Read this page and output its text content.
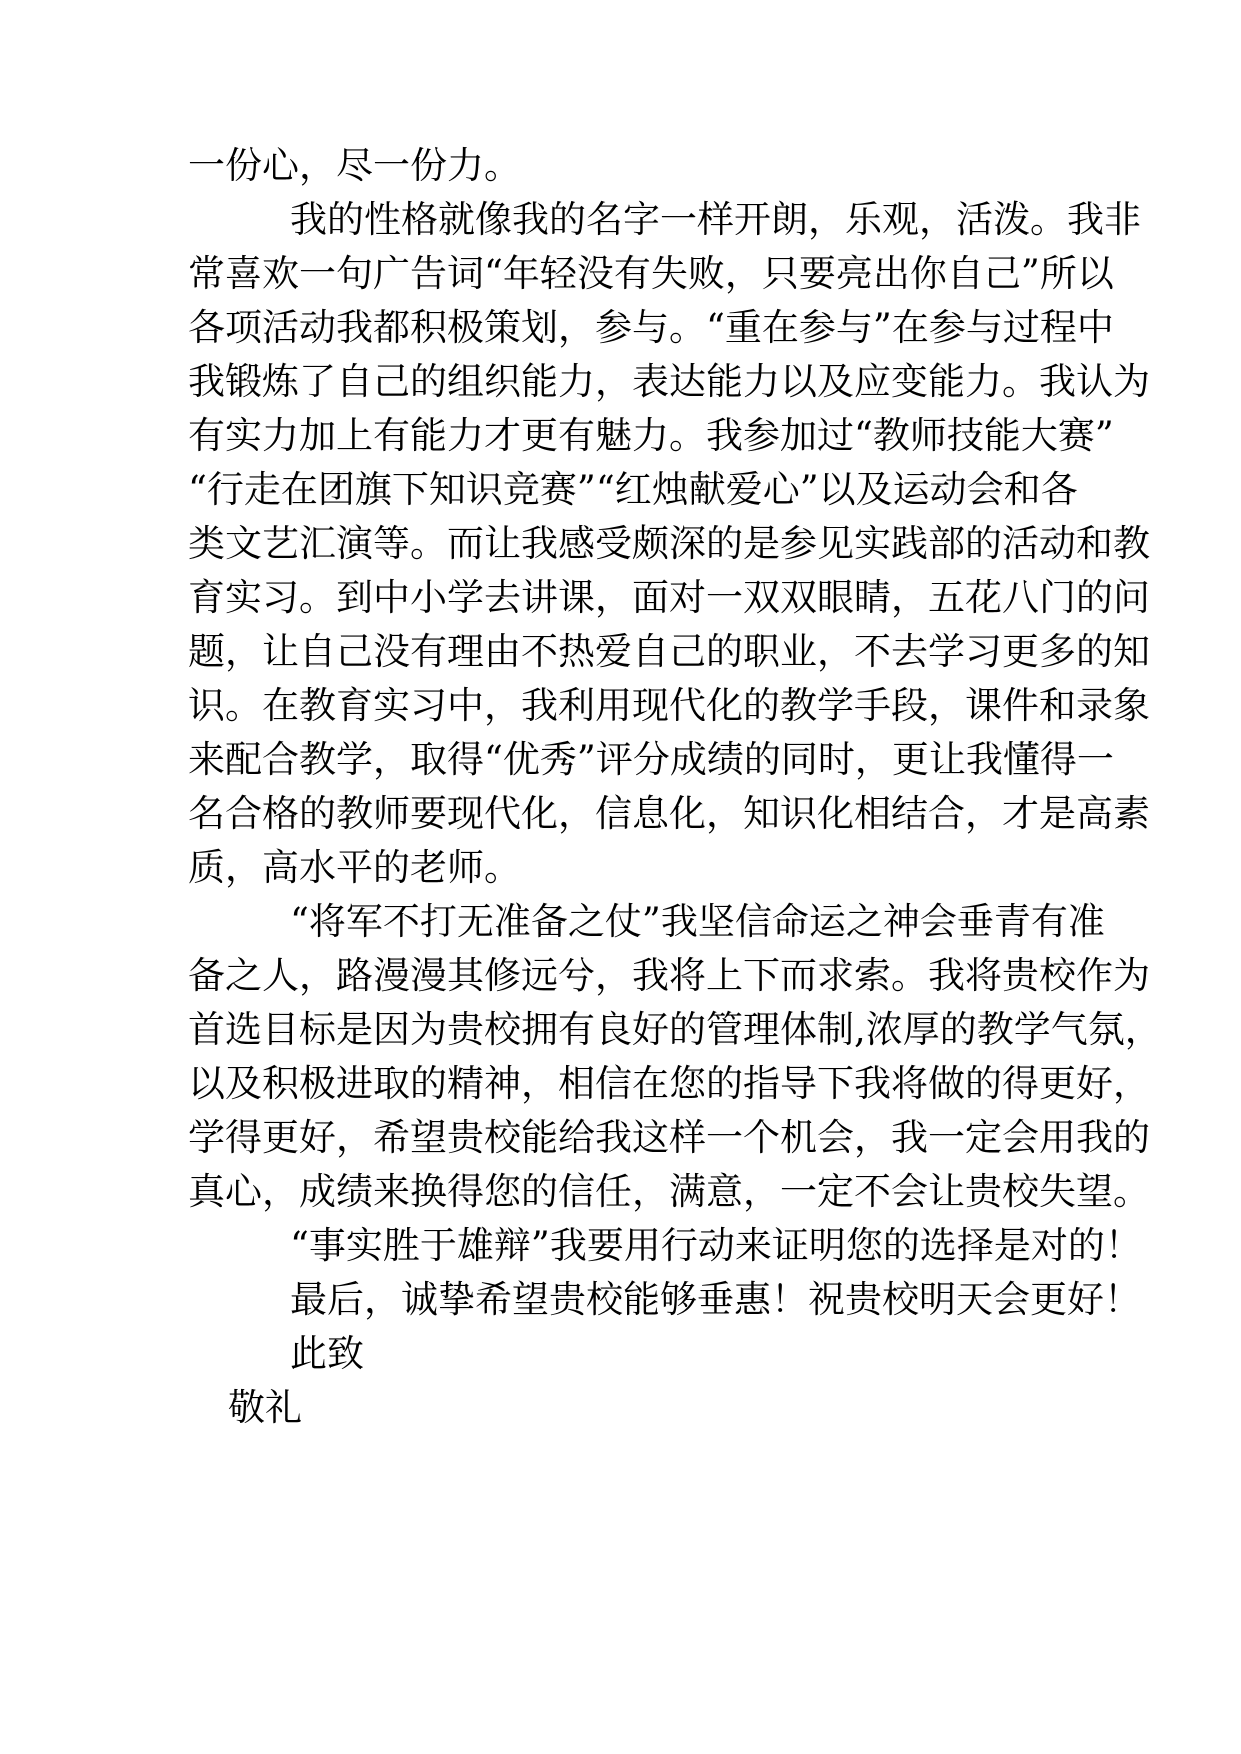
一份心，尽一份力。
我的性格就像我的名字一样开朗，乐观，活泼。我非
常喜欢一句广告词“年轻没有失败，只要亮出你自己”所以
各项活动我都积极策划，参与。“重在参与”在参与过程中
我锻炼了自己的组织能力，表达能力以及应变能力。我认为
有实力加上有能力才更有魅力。我参加过“教师技能大赛”
“行走在团旗下知识竞赛”“红烛献爱心”以及运动会和各
类文艺汇演等。而让我感受颇深的是参见实践部的活动和教
育实习。到中小学去讲课，面对一双双眼睛，五花八门的问
题，让自己没有理由不热爱自己的职业，不去学习更多的知
识。在教育实习中，我利用现代化的教学手段，课件和录象
来配合教学，取得“优秀”评分成绩的同时，更让我懂得一
名合格的教师要现代化，信息化，知识化相结合，才是高素
质，高水平的老师。
“将军不打无准备之仗”我坚信命运之神会垂青有准
备之人，路漫漫其修远兮，我将上下而求索。我将贵校作为
首选目标是因为贵校拥有良好的管理体制,浓厚的教学气氛，
以及积极进取的精神，相信在您的指导下我将做的得更好，
学得更好，希望贵校能给我这样一个机会，我一定会用我的
真心，成绩来换得您的信任，满意，一定不会让贵校失望。
“事实胜于雄辩”我要用行动来证明您的选择是对的！
最后，诚挚希望贵校能够垂惠！祝贵校明天会更好！
此致
敬礼
